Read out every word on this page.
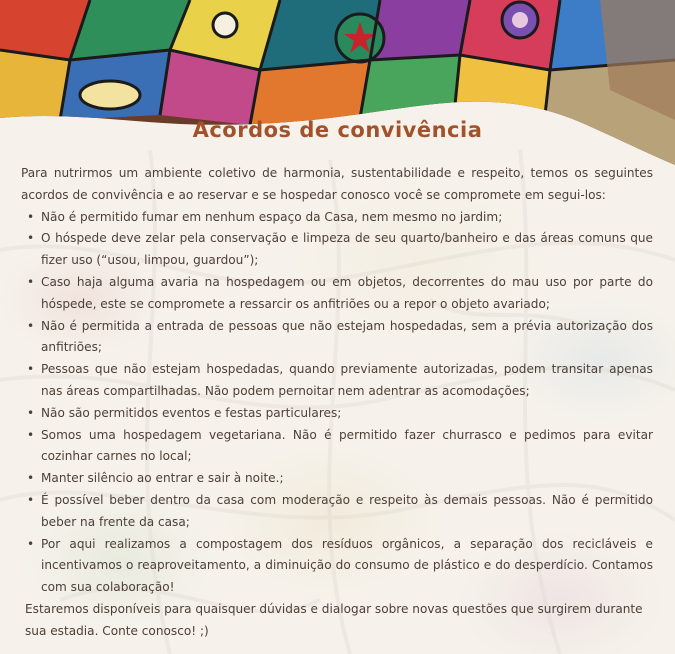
Acordos de convivência

Para nutrirmos um ambiente coletivo de harmonia, sustentabilidade e respeito, temos os seguintes acordos de convivência e ao reservar e se hospedar conosco você se compromete em segui-los:

• Não é permitido fumar em nenhum espaço da Casa, nem mesmo no jardim;
• O hóspede deve zelar pela conservação e limpeza de seu quarto/banheiro e das áreas comuns que fizer uso (“usou, limpou, guardou”);
• Caso haja alguma avaria na hospedagem ou em objetos, decorrentes do mau uso por parte do hóspede, este se compromete a ressarcir os anfitriões ou a repor o objeto avariado;
• Não é permitida a entrada de pessoas que não estejam hospedadas, sem a prévia autorização dos anfitriões;
• Pessoas que não estejam hospedadas, quando previamente autorizadas, podem transitar apenas nas áreas compartilhadas. Não podem pernoitar nem adentrar as acomodações;
• Não são permitidos eventos e festas particulares;
• Somos uma hospedagem vegetariana. Não é permitido fazer churrasco e pedimos para evitar cozinhar carnes no local;
• Manter silêncio ao entrar e sair à noite.;
• É possível beber dentro da casa com moderação e respeito às demais pessoas. Não é permitido beber na frente da casa;
• Por aqui realizamos a compostagem dos resíduos orgânicos, a separação dos recicláveis e incentivamos o reaproveitamento, a diminuição do consumo de plástico e do desperdício. Contamos com sua colaboração!

Estaremos disponíveis para quaisquer dúvidas e dialogar sobre novas questões que surgirem durante sua estadia. Conte conosco! ;)
